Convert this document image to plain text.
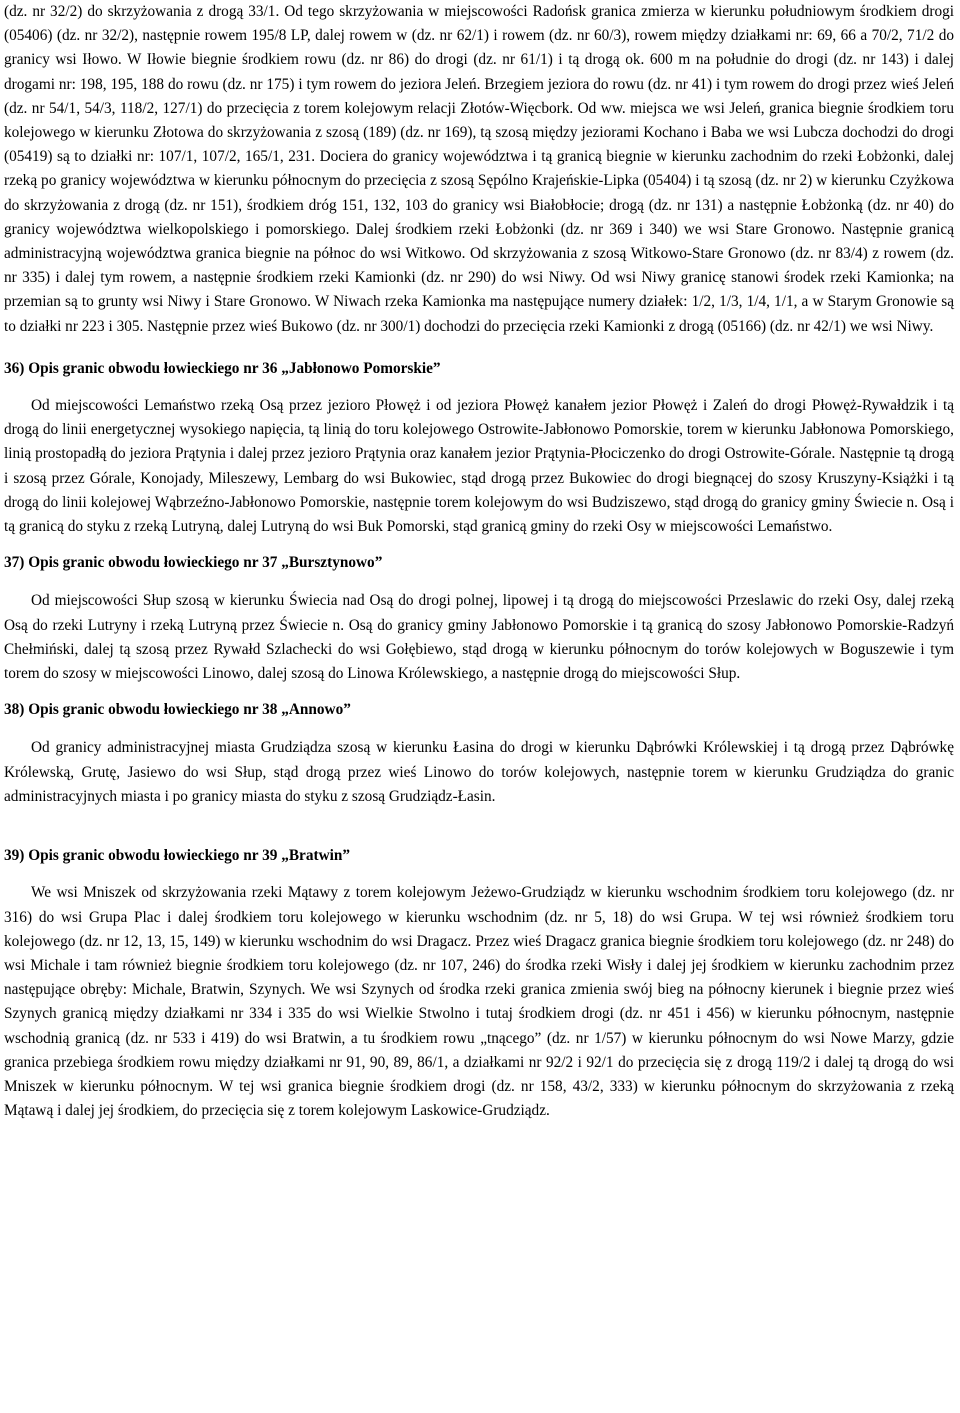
(dz. nr 32/2) do skrzyżowania z drogą 33/1. Od tego skrzyżowania w miejscowości Radońsk granica zmierza w kierunku południowym środkiem drogi (05406) (dz. nr 32/2), następnie rowem 195/8 LP, dalej rowem w (dz. nr 62/1) i rowem (dz. nr 60/3), rowem między działkami nr: 69, 66 a 70/2, 71/2 do granicy wsi Iłowo. W Iłowie biegnie środkiem rowu (dz. nr 86) do drogi (dz. nr 61/1) i tą drogą ok. 600 m na południe do drogi (dz. nr 143) i dalej drogami nr: 198, 195, 188 do rowu (dz. nr 175) i tym rowem do jeziora Jeleń. Brzegiem jeziora do rowu (dz. nr 41) i tym rowem do drogi przez wieś Jeleń (dz. nr 54/1, 54/3, 118/2, 127/1) do przecięcia z torem kolejowym relacji Złotów-Więcbork. Od ww. miejsca we wsi Jeleń, granica biegnie środkiem toru kolejowego w kierunku Złotowa do skrzyżowania z szosą (189) (dz. nr 169), tą szosą między jeziorami Kochano i Baba we wsi Lubcza dochodzi do drogi (05419) są to działki nr: 107/1, 107/2, 165/1, 231. Dociera do granicy województwa i tą granicą biegnie w kierunku zachodnim do rzeki Łobżonki, dalej rzeką po granicy województwa w kierunku północnym do przecięcia z szosą Sępólno Krajeńskie-Lipka (05404) i tą szosą (dz. nr 2) w kierunku Czyżkowa do skrzyżowania z drogą (dz. nr 151), środkiem dróg 151, 132, 103 do granicy wsi Białobłocie; drogą (dz. nr 131) a następnie Łobżonką (dz. nr 40) do granicy województwa wielkopolskiego i pomorskiego. Dalej środkiem rzeki Łobżonki (dz. nr 369 i 340) we wsi Stare Gronowo. Następnie granicą administracyjną województwa granica biegnie na północ do wsi Witkowo. Od skrzyżowania z szosą Witkowo-Stare Gronowo (dz. nr 83/4) z rowem (dz. nr 335) i dalej tym rowem, a następnie środkiem rzeki Kamionki (dz. nr 290) do wsi Niwy. Od wsi Niwy granicę stanowi środek rzeki Kamionka; na przemian są to grunty wsi Niwy i Stare Gronowo. W Niwach rzeka Kamionka ma następujące numery działek: 1/2, 1/3, 1/4, 1/1, a w Starym Gronowie są to działki nr 223 i 305. Następnie przez wieś Bukowo (dz. nr 300/1) dochodzi do przecięcia rzeki Kamionki z drogą (05166) (dz. nr 42/1) we wsi Niwy.

36) Opis granic obwodu łowieckiego nr 36 „Jabłonowo Pomorskie”

Od miejscowości Lemaństwo rzeką Osą przez jezioro Płowęż i od jeziora Płowęż kanałem jezior Płowęż i Zaleń do drogi Płowęż-Rywałdzik i tą drogą do linii energetycznej wysokiego napięcia, tą linią do toru kolejowego Ostrowite-Jabłonowo Pomorskie, torem w kierunku Jabłonowa Pomorskiego, linią prostopadłą do jeziora Prątynia i dalej przez jezioro Prątynia oraz kanałem jezior Prątynia-Płociczenko do drogi Ostrowite-Górale. Następnie tą drogą i szosą przez Górale, Konojady, Mileszewy, Lembarg do wsi Bukowiec, stąd drogą przez Bukowiec do drogi biegnącej do szosy Kruszyny-Książki i tą drogą do linii kolejowej Wąbrzeźno-Jabłonowo Pomorskie, następnie torem kolejowym do wsi Budziszewo, stąd drogą do granicy gminy Świecie n. Osą i tą granicą do styku z rzeką Lutryną, dalej Lutryną do wsi Buk Pomorski, stąd granicą gminy do rzeki Osy w miejscowości Lemaństwo.

37) Opis granic obwodu łowieckiego nr 37 „Bursztynowo”

Od miejscowości Słup szosą w kierunku Świecia nad Osą do drogi polnej, lipowej i tą drogą do miejscowości Przeslawic do rzeki Osy, dalej rzeką Osą do rzeki Lutryny i rzeką Lutryną przez Świecie n. Osą do granicy gminy Jabłonowo Pomorskie i tą granicą do szosy Jabłonowo Pomorskie-Radzyń Chełmiński, dalej tą szosą przez Rywałd Szlachecki do wsi Gołębiewo, stąd drogą w kierunku północnym do torów kolejowych w Boguszewie i tym torem do szosy w miejscowości Linowo, dalej szosą do Linowa Królewskiego, a następnie drogą do miejscowości Słup.

38) Opis granic obwodu łowieckiego nr 38 „Annowo”

Od granicy administracyjnej miasta Grudziądza szosą w kierunku Łasina do drogi w kierunku Dąbrówki Królewskiej i tą drogą przez Dąbrówkę Królewską, Grutę, Jasiewo do wsi Słup, stąd drogą przez wieś Linowo do torów kolejowych, następnie torem w kierunku Grudziądza do granic administracyjnych miasta i po granicy miasta do styku z szosą Grudziądz-Łasin.

39) Opis granic obwodu łowieckiego nr 39 „Bratwin”

We wsi Mniszek od skrzyżowania rzeki Mątawy z torem kolejowym Jeżewo-Grudziądz w kierunku wschodnim środkiem toru kolejowego (dz. nr 316) do wsi Grupa Plac i dalej środkiem toru kolejowego w kierunku wschodnim (dz. nr 5, 18) do wsi Grupa. W tej wsi również środkiem toru kolejowego (dz. nr 12, 13, 15, 149) w kierunku wschodnim do wsi Dragacz. Przez wieś Dragacz granica biegnie środkiem toru kolejowego (dz. nr 248) do wsi Michale i tam również biegnie środkiem toru kolejowego (dz. nr 107, 246) do środka rzeki Wisły i dalej jej środkiem w kierunku zachodnim przez następujące obręby: Michale, Bratwin, Szynych. We wsi Szynych od środka rzeki granica zmienia swój bieg na północny kierunek i biegnie przez wieś Szynych granicą między działkami nr 334 i 335 do wsi Wielkie Stwolno i tutaj środkiem drogi (dz. nr 451 i 456) w kierunku północnym, następnie wschodnią granicą (dz. nr 533 i 419) do wsi Bratwin, a tu środkiem rowu „tnącego” (dz. nr 1/57) w kierunku północnym do wsi Nowe Marzy, gdzie granica przebiega środkiem rowu między działkami nr 91, 90, 89, 86/1, a działkami nr 92/2 i 92/1 do przecięcia się z drogą 119/2 i dalej tą drogą do wsi Mniszek w kierunku północnym. W tej wsi granica biegnie środkiem drogi (dz. nr 158, 43/2, 333) w kierunku północnym do skrzyżowania z rzeką Mątawą i dalej jej środkiem, do przecięcia się z torem kolejowym Laskowice-Grudziądz.
